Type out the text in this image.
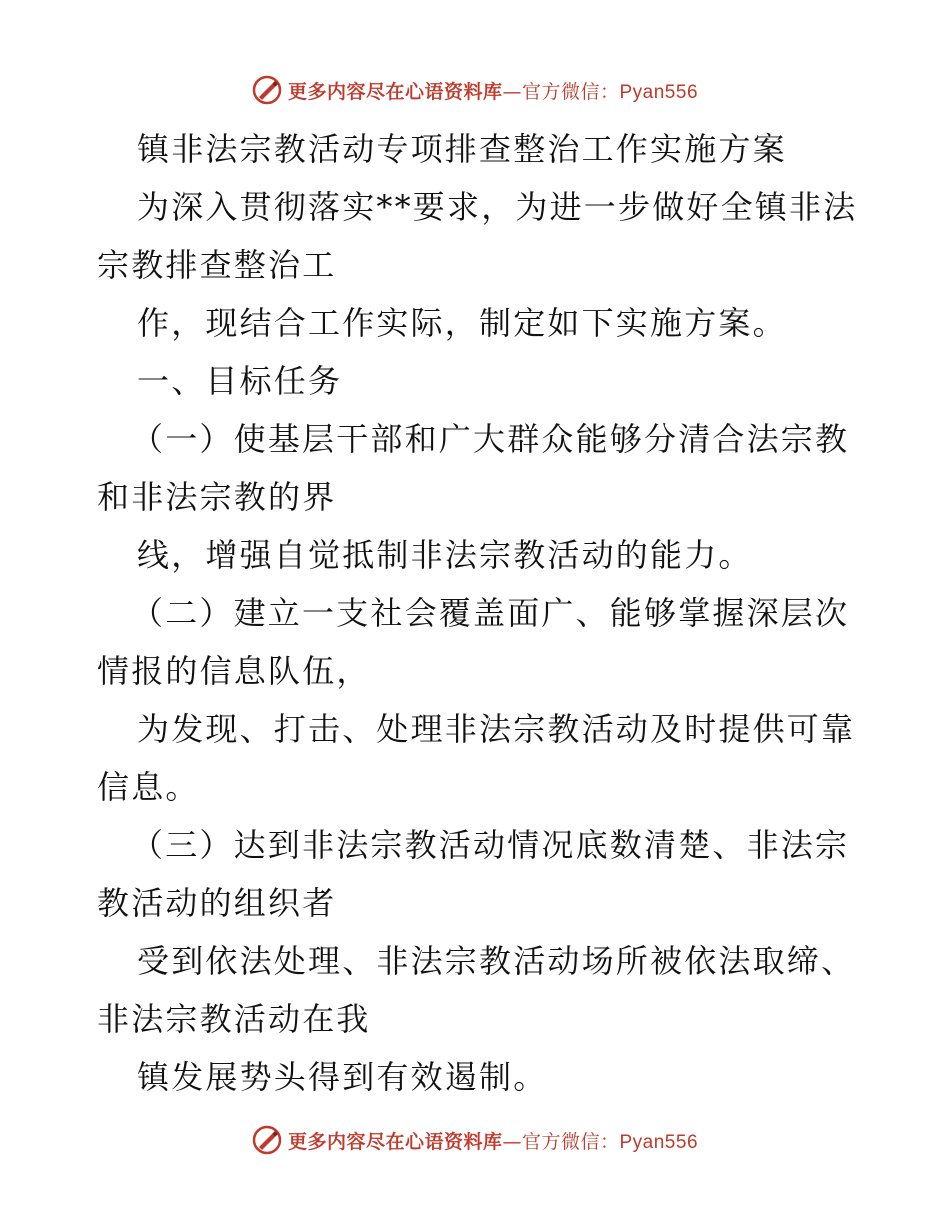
更多内容尽在心语资料库—官方微信：Pyan556
镇非法宗教活动专项排查整治工作实施方案
为深入贯彻落实**要求，为进一步做好全镇非法
宗教排查整治工
作，现结合工作实际，制定如下实施方案。
一、目标任务
（一）使基层干部和广大群众能够分清合法宗教
和非法宗教的界
线，增强自觉抵制非法宗教活动的能力。
（二）建立一支社会覆盖面广、能够掌握深层次
情报的信息队伍，
为发现、打击、处理非法宗教活动及时提供可靠
信息。
（三）达到非法宗教活动情况底数清楚、非法宗
教活动的组织者
受到依法处理、非法宗教活动场所被依法取缔、
非法宗教活动在我
镇发展势头得到有效遏制。
更多内容尽在心语资料库—官方微信：Pyan556
